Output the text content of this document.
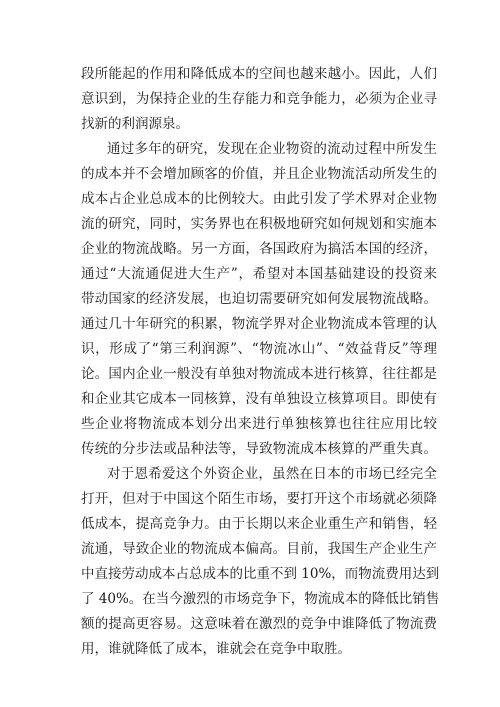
段所能起的作用和降低成本的空间也越来越小。因此，人们
意识到，为保持企业的生存能力和竞争能力，必须为企业寻
找新的利润源泉。
通过多年的研究，发现在企业物资的流动过程中所发生
的成本并不会增加顾客的价值，并且企业物流活动所发生的
成本占企业总成本的比例较大。由此引发了学术界对企业物
流的研究，同时，实务界也在积极地研究如何规划和实施本
企业的物流战略。另一方面，各国政府为搞活本国的经济，
通过“大流通促进大生产”，希望对本国基础建设的投资来
带动国家的经济发展，也迫切需要研究如何发展物流战略。
通过几十年研究的积累，物流学界对企业物流成本管理的认
识，形成了“第三利润源”、“物流冰山”、“效益背反”等理
论。国内企业一般没有单独对物流成本进行核算，往往都是
和企业其它成本一同核算，没有单独设立核算项目。即使有
些企业将物流成本划分出来进行单独核算也往往应用比较
传统的分步法或品种法等，导致物流成本核算的严重失真。
对于恩希爱这个外资企业，虽然在日本的市场已经完全
打开，但对于中国这个陌生市场，要打开这个市场就必须降
低成本，提高竞争力。由于长期以来企业重生产和销售，轻
流通，导致企业的物流成本偏高。目前，我国生产企业生产
中直接劳动成本占总成本的比重不到 10%，而物流费用达到
了 40%。在当今激烈的市场竞争下，物流成本的降低比销售
额的提高更容易。这意味着在激烈的竞争中谁降低了物流费
用，谁就降低了成本，谁就会在竞争中取胜。
